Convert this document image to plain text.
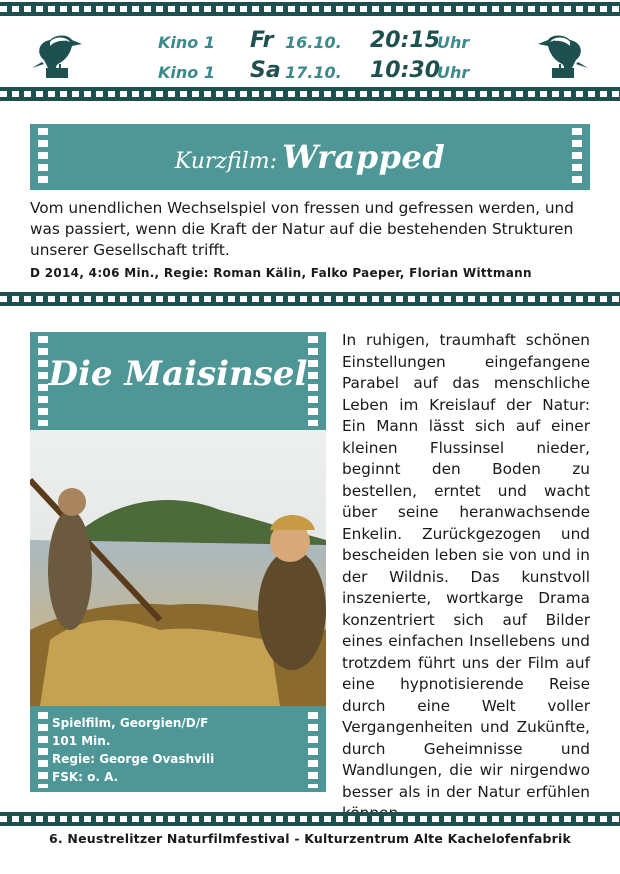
Kino 1 Fr 16.10. 20:15
Uhr
Kino 1 Sa 17.10. 10:30
Uhr
Kurzfilm: Wrapped
Vom unendlichen Wechselspiel von fressen und gefressen werden, und was passiert, wenn die Kraft der Natur auf die bestehenden Strukturen unserer Gesellschaft trifft.
D 2014, 4:06 Min., Regie: Roman Kälin, Falko Paeper, Florian Wittmann
Die Maisinsel
Spielfilm, Georgien/D/F
101 Min.
Regie: George Ovashvili
FSK: o. A.
In ruhigen, traumhaft schönen Einstellungen eingefangene Parabel auf das menschliche Leben im Kreislauf der Natur: Ein Mann lässt sich auf einer kleinen Flussinsel nieder, beginnt den Boden zu bestellen, erntet und wacht über seine heranwachsende Enkelin. Zurückgezogen und bescheiden leben sie von und in der Wildnis. Das kunstvoll inszenierte, wortkarge Drama konzentriert sich auf Bilder eines einfachen Insellebens und trotzdem führt uns der Film auf eine hypnotisierende Reise durch eine Welt voller Vergangenheiten und Zukünfte, durch Geheimnisse und Wandlungen, die wir nirgendwo besser als in der Natur erfühlen
6. Neustrelitzer Naturfilmfestival - Kulturzentrum Alte Kachelofenfabrik
